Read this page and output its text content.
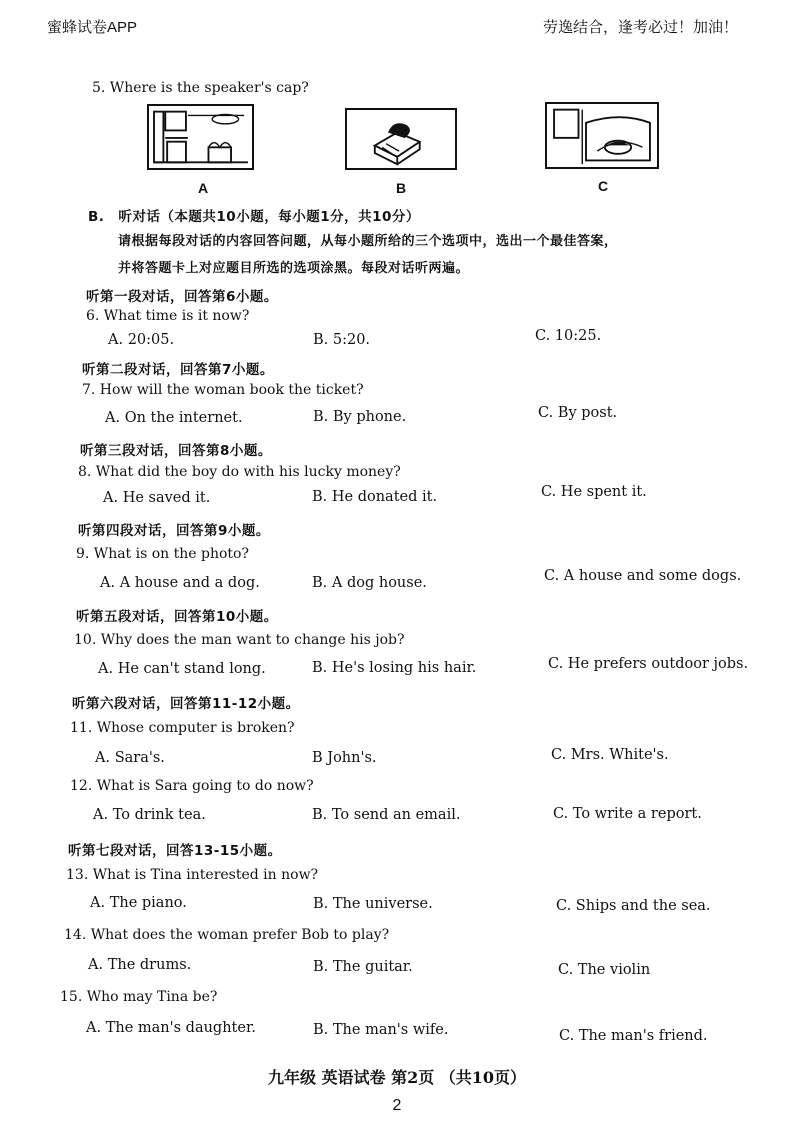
蜜蜂试卷APP	劳逸结合，逢考必过！加油！
5. Where is the speaker's cap?
A	B	C
B.　听对话（本题共10小题，每小题1分，共10分）
请根据每段对话的内容回答问题，从每小题所给的三个选项中，选出一个最佳答案，
并将答题卡上对应题目所选的选项涂黑。每段对话听两遍。
听第一段对话，回答第6小题。
6. What time is it now?
A. 20:05.	B. 5:20.	C. 10:25.
听第二段对话，回答第7小题。
7. How will the woman book the ticket?
A. On the internet.	B. By phone.	C. By post.
听第三段对话，回答第8小题。
8. What did the boy do with his lucky money?
A. He saved it.	B. He donated it.	C. He spent it.
听第四段对话，回答第9小题。
9. What is on the photo?
A. A house and a dog.	B. A dog house.	C. A house and some dogs.
听第五段对话，回答第10小题。
10. Why does the man want to change his job?
A. He can't stand long.	B. He's losing his hair.	C. He prefers outdoor jobs.
听第六段对话，回答第11-12小题。
11. Whose computer is broken?
A. Sara's.	B John's.	C. Mrs. White's.
12. What is Sara going to do now?
A. To drink tea.	B. To send an email.	C. To write a report.
听第七段对话，回答13-15小题。
13. What is Tina interested in now?
A. The piano.	B. The universe.	C. Ships and the sea.
14. What does the woman prefer Bob to play?
A. The drums.	B. The guitar.	C. The violin
15. Who may Tina be?
A. The man's daughter.	B. The man's wife.	C. The man's friend.
九年级 英语试卷 第2页 （共10页）
2
